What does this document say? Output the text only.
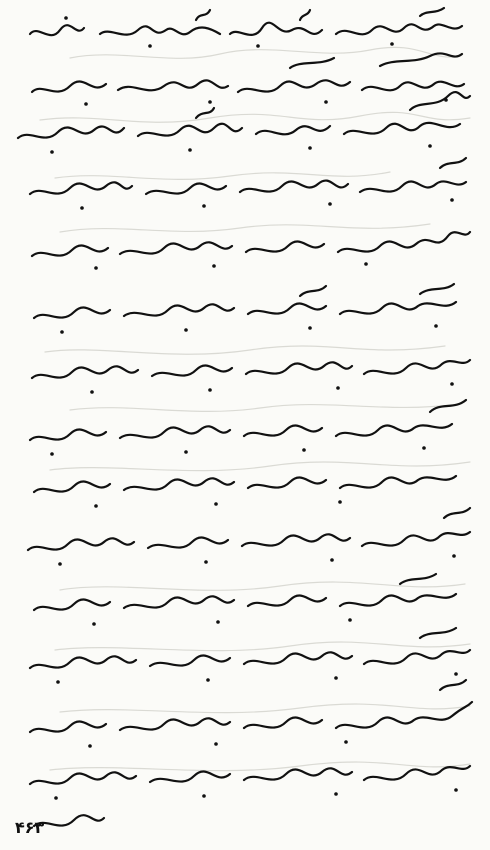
۴۶۳
